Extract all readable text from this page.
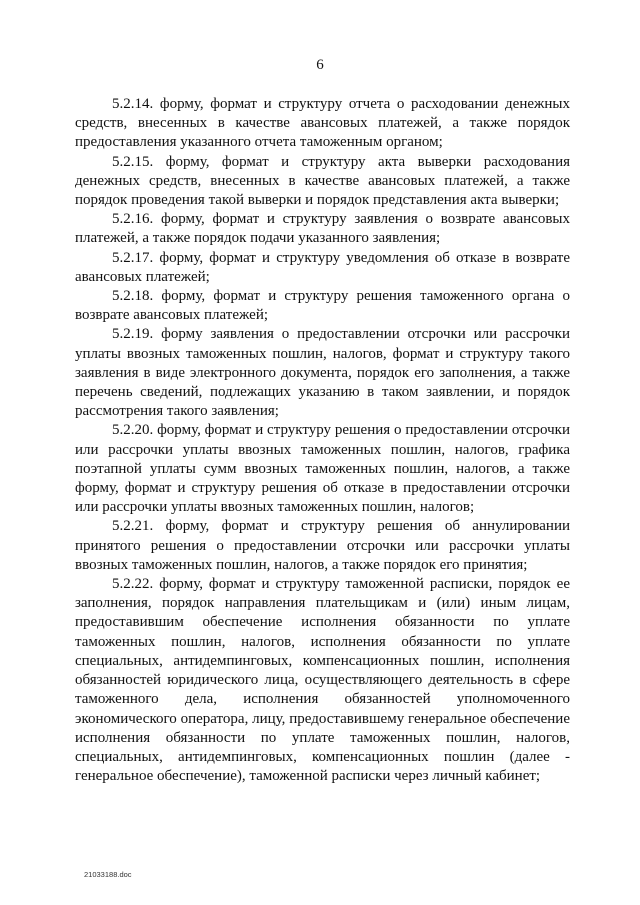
6

5.2.14. форму, формат и структуру отчета о расходовании денежных средств, внесенных в качестве авансовых платежей, а также порядок предоставления указанного отчета таможенным органом;

5.2.15. форму, формат и структуру акта выверки расходования денежных средств, внесенных в качестве авансовых платежей, а также порядок проведения такой выверки и порядок представления акта выверки;

5.2.16. форму, формат и структуру заявления о возврате авансовых платежей, а также порядок подачи указанного заявления;

5.2.17. форму, формат и структуру уведомления об отказе в возврате авансовых платежей;

5.2.18. форму, формат и структуру решения таможенного органа о возврате авансовых платежей;

5.2.19. форму заявления о предоставлении отсрочки или рассрочки уплаты ввозных таможенных пошлин, налогов, формат и структуру такого заявления в виде электронного документа, порядок его заполнения, а также перечень сведений, подлежащих указанию в таком заявлении, и порядок рассмотрения такого заявления;

5.2.20. форму, формат и структуру решения о предоставлении отсрочки или рассрочки уплаты ввозных таможенных пошлин, налогов, графика поэтапной уплаты сумм ввозных таможенных пошлин, налогов, а также форму, формат и структуру решения об отказе в предоставлении отсрочки или рассрочки уплаты ввозных таможенных пошлин, налогов;

5.2.21. форму, формат и структуру решения об аннулировании принятого решения о предоставлении отсрочки или рассрочки уплаты ввозных таможенных пошлин, налогов, а также порядок его принятия;

5.2.22. форму, формат и структуру таможенной расписки, порядок ее заполнения, порядок направления плательщикам и (или) иным лицам, предоставившим обеспечение исполнения обязанности по уплате таможенных пошлин, налогов, исполнения обязанности по уплате специальных, антидемпинговых, компенсационных пошлин, исполнения обязанностей юридического лица, осуществляющего деятельность в сфере таможенного дела, исполнения обязанностей уполномоченного экономического оператора, лицу, предоставившему генеральное обеспечение исполнения обязанности по уплате таможенных пошлин, налогов, специальных, антидемпинговых, компенсационных пошлин (далее - генеральное обеспечение), таможенной расписки через личный кабинет;

21033188.doc
